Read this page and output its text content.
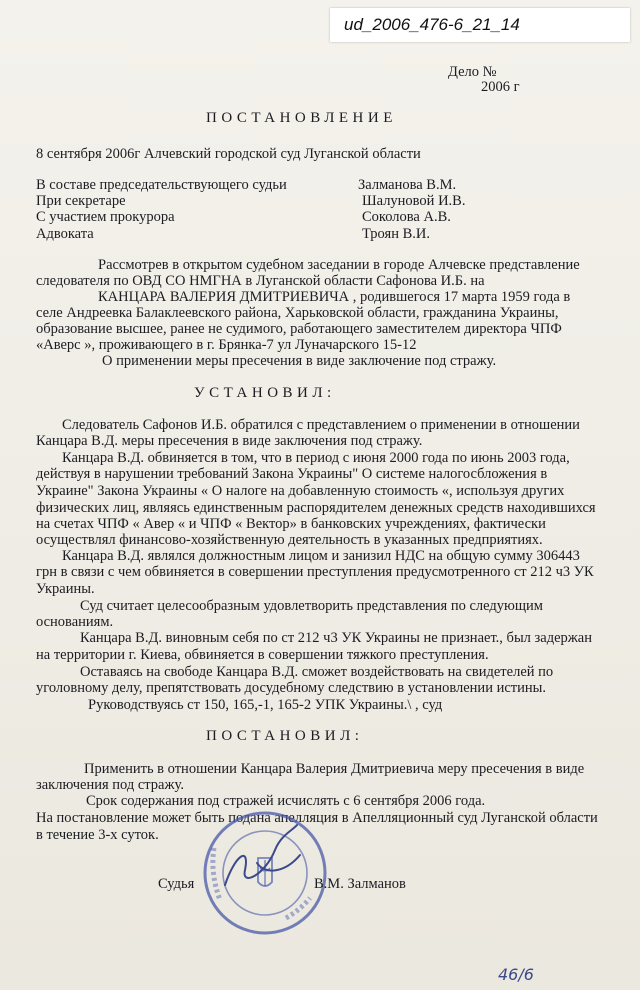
ud_2006_476-6_21_14
Дело №
2006 г
ПОСТАНОВЛЕНИЕ
8 сентября 2006г Алчевский городской суд Луганской области
В составе председательствующего судьи	Залманова В.М.
При секретаре	Шалуновой И.В.
С участием прокурора	Соколова А.В.
Адвоката	Троян В.И.
Рассмотрев в открытом судебном заседании в городе Алчевске представление
следователя по ОВД СО НМГНА в Луганской области Сафонова И.Б. на
КАНЦАРА ВАЛЕРИЯ ДМИТРИЕВИЧА , родившегося 17 марта 1959 года в
селе Андреевка Балаклеевского района, Харьковской области, гражданина Украины,
образование высшее, ранее не судимого, работающего заместителем директора ЧПФ
«Аверс », проживающего в г. Брянка-7 ул Луначарского 15-12
О применении меры пресечения в виде заключение под стражу.
УСТАНОВИЛ:
Следователь Сафонов И.Б. обратился с представлением о применении в отношении
Канцара В.Д. меры пресечения в виде заключения под стражу.
Канцара В.Д. обвиняется в том, что в период с июня 2000 года по июнь 2003 года,
действуя в нарушении требований Закона Украины" О системе налогосбложения в
Украине" Закона Украины « О налоге на добавленную стоимость «, используя других
физических лиц, являясь единственным распорядителем денежных средств находившихся
на счетах ЧПФ « Авер « и ЧПФ « Вектор» в банковских учреждениях, фактически
осуществлял финансово-хозяйственную деятельность в указанных предприятиях.
Канцара В.Д. являлся должностным лицом и занизил НДС на общую сумму 306443
грн в связи с чем обвиняется в совершении преступления предусмотренного ст 212 ч3 УК
Украины.
Суд считает целесообразным удовлетворить представления по следующим
основаниям.
Канцара В.Д. виновным себя по ст 212 ч3 УК Украины не признает., был задержан
на территории г. Киева, обвиняется в совершении тяжкого преступления.
Оставаясь на свободе Канцара В.Д. сможет воздействовать на свидетелей по
уголовному делу, препятствовать досудебному следствию в установлении истины.
Руководствуясь ст 150, 165,-1, 165-2 УПК Украины.\ , суд
ПОСТАНОВИЛ:
Применить в отношении Канцара Валерия Дмитриевича меру пресечения в виде
заключения под стражу.
Срок содержания под стражей исчислять с 6 сентября 2006 года.
На постановление может быть подана апелляция в Апелляционный суд Луганской области
в течение 3-х суток.
Судья	В.М. Залманов
46/6
